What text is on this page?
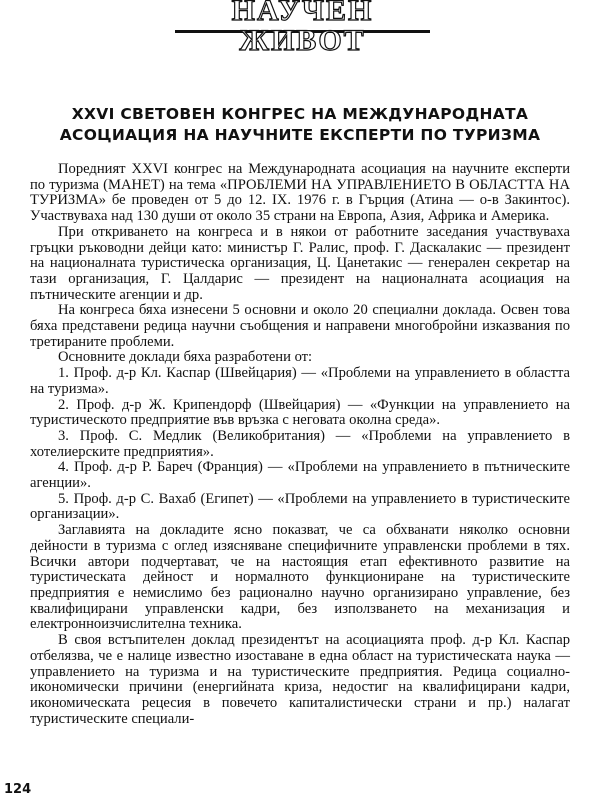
НАУЧЕН ЖИВОТ
XXVI СВЕТОВЕН КОНГРЕС НА МЕЖДУНАРОДНАТА
АСОЦИАЦИЯ НА НАУЧНИТЕ ЕКСПЕРТИ ПО ТУРИЗМА

Поредният XXVI конгрес на Международната асоциация на научните експерти по туризма (МАНЕТ) на тема «ПРОБЛЕМИ НА УПРАВЛЕНИЕТО В ОБЛАСТТА НА ТУРИЗМА» бе проведен от 5 до 12. IX. 1976 г. в Гърция (Атина — о-в Закинтос). Участвуваха над 130 души от около 35 страни на Европа, Азия, Африка и Америка.

При откриването на конгреса и в някои от работните заседания участвуваха гръцки ръководни дейци като: министър Г. Ралис, проф. Г. Даскалакис — президент на националната туристическа организация, Ц. Цанетакис — генерален секретар на тази организация, Г. Цалдарис — президент на националната асоциация на пътническите агенции и др.

На конгреса бяха изнесени 5 основни и около 20 специални доклада. Освен това бяха представени редица научни съобщения и направени многобройни изказвания по третираните проблеми.

Основните доклади бяха разработени от:

1. Проф. д-р Кл. Каспар (Швейцария) — «Проблеми на управлението в областта на туризма».

2. Проф. д-р Ж. Крипендорф (Швейцария) — «Функции на управлението на туристическото предприятие във връзка с неговата околна среда».

3. Проф. С. Медлик (Великобритания) — «Проблеми на управлението в хотелиерските предприятия».

4. Проф. д-р Р. Бареч (Франция) — «Проблеми на управлението в пътническите агенции».

5. Проф. д-р С. Вахаб (Египет) — «Проблеми на управлението в туристическите организации».

Заглавията на докладите ясно показват, че са обхванати няколко основни дейности в туризма с оглед изясняване специфичните управленски проблеми в тях. Всички автори подчертават, че на настоящия етап ефективното развитие на туристическата дейност и нормалното функциониране на туристическите предприятия е немислимо без рационално научно организирано управление, без квалифицирани управленски кадри, без използването на механизация и електронноизчислителна техника.

В своя встъпителен доклад президентът на асоциацията проф. д-р Кл. Каспар отбелязва, че е налице известно изоставане в една област на туристическата наука — управлението на туризма и на туристическите предприятия. Редица социално-икономически причини (енергийната криза, недостиг на квалифицирани кадри, икономическата рецесия в повечето капиталистически страни и пр.) налагат туристическите специали-

124
